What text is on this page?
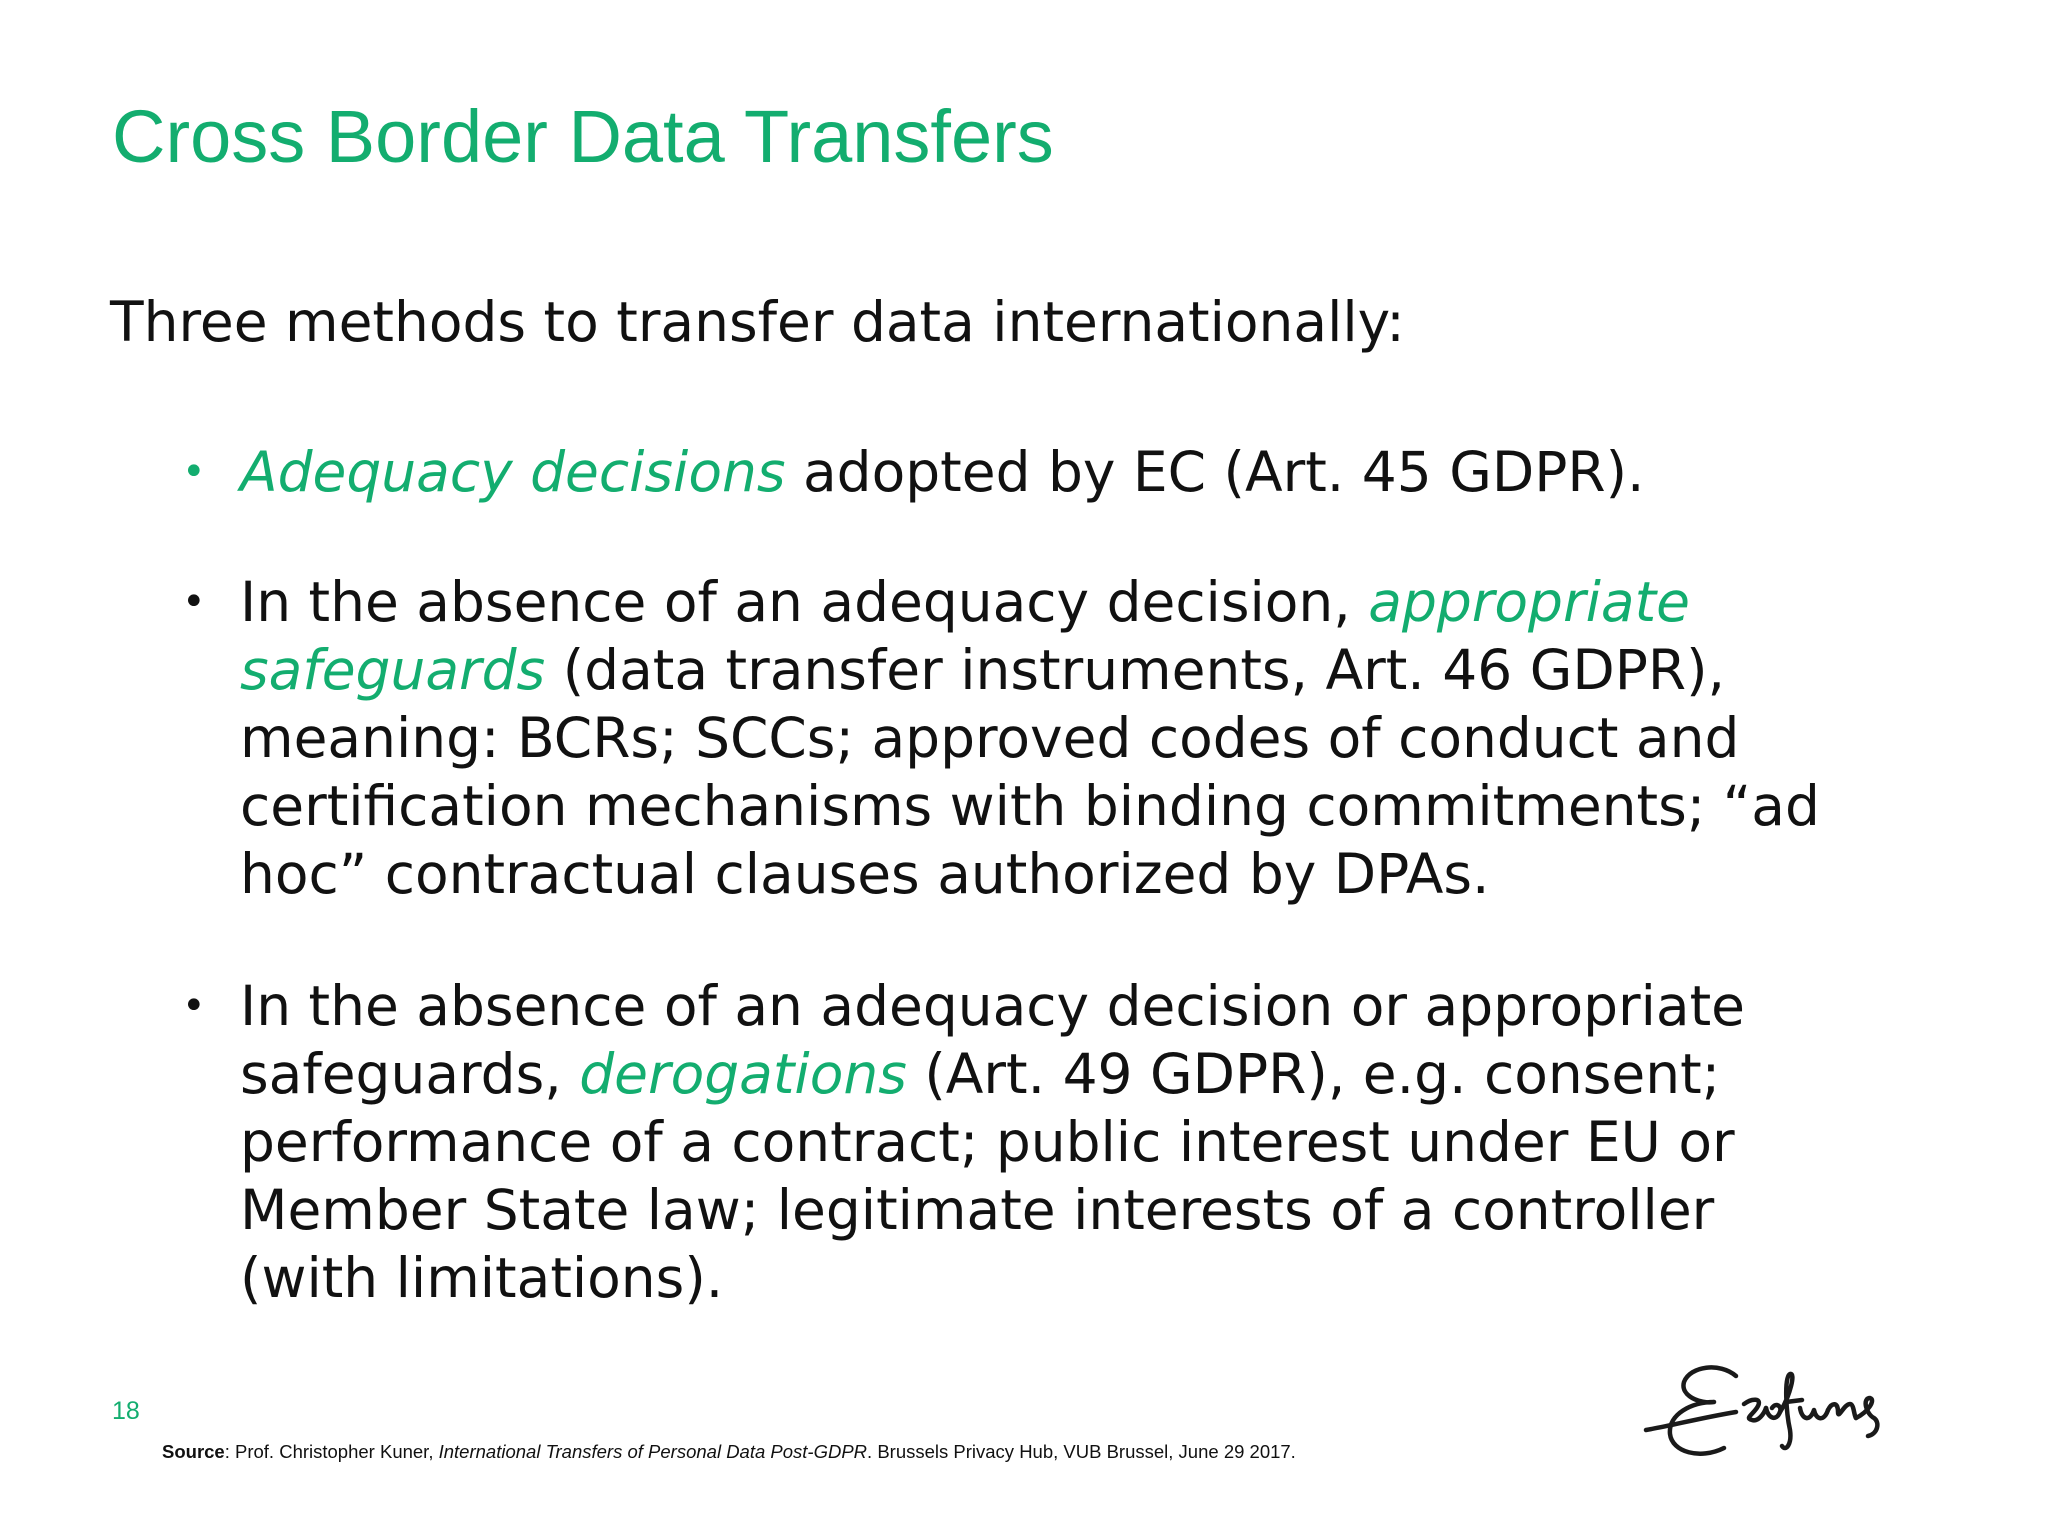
Cross Border Data Transfers

Three methods to transfer data internationally:

• Adequacy decisions adopted by EC (Art. 45 GDPR).
• In the absence of an adequacy decision, appropriate
safeguards (data transfer instruments, Art. 46 GDPR),
meaning: BCRs; SCCs; approved codes of conduct and
certification mechanisms with binding commitments; “ad
hoc” contractual clauses authorized by DPAs.
• In the absence of an adequacy decision or appropriate
safeguards, derogations (Art. 49 GDPR), e.g. consent;
performance of a contract; public interest under EU or
Member State law; legitimate interests of a controller
(with limitations).
18
Source: Prof. Christopher Kuner, International Transfers of Personal Data Post-GDPR. Brussels Privacy Hub, VUB Brussel, June 29 2017.
